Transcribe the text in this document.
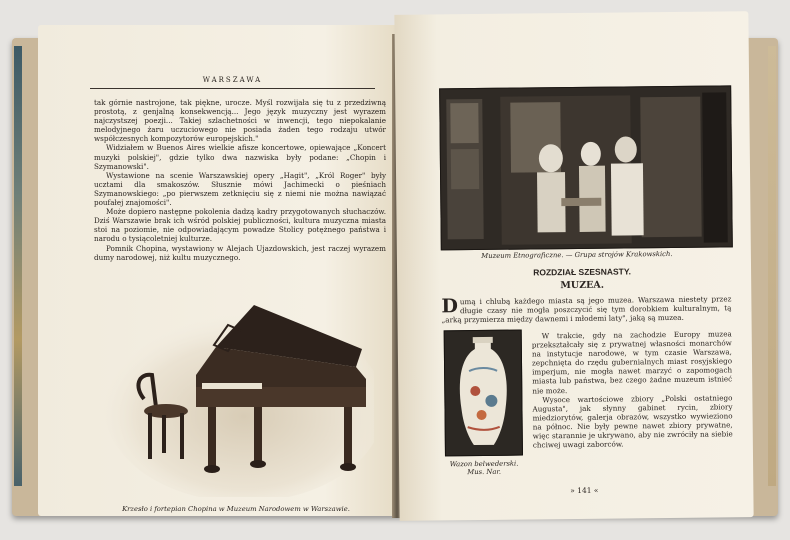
WARSZAWA

tak górnie nastrojone, tak piękne, urocze. Myśl rozwijała się tu z przedziwną prostotą, z genjalną konsekwencją... Jego język muzyczny jest wyrazem najczystszej poezji... Takiej szlachetności w inwencji, tego niepokalanie melodyjnego żaru uczuciowego nie posiada żaden tego rodzaju utwór współczesnych kompozytorów europejskich."

Widziałem w Buenos Aires wielkie afisze koncertowe, opiewające „Koncert muzyki polskiej", gdzie tylko dwa nazwiska były podane: „Chopin i Szymanowski".

Wystawione na scenie Warszawskiej opery „Hagit", „Król Roger" były ucztami dla smakoszów. Słusznie mówi Jachimecki o pieśniach Szymanowskiego: „po pierwszem zetknięciu się z niemi nie można nawiązać poufałej znajomości".

Może dopiero następne pokolenia dadzą kadry przygotowanych słuchaczów. Dziś Warszawie brak ich wśród polskiej publiczności, kultura muzyczna miasta stoi na poziomie, nie odpowiadającym powadze Stolicy potężnego państwa i narodu o tysiącoletniej kulturze.

Pomnik Chopina, wystawiony w Alejach Ujazdowskich, jest raczej wyrazem dumy narodowej, niż kultu muzycznego.

Krzesło i fortepian Chopina w Muzeum Narodowem w Warszawie.
Muzeum Etnograficzne. — Grupa strojów Krakowskich.
ROZDZIAŁ SZESNASTY.
MUZEA.
D umą i chlubą każdego miasta są jego muzea. Warszawa niestety przez długie czasy nie mogła poszczycić się tym dorobkiem kulturalnym, tą „arką przymierza między dawnemi i młodemi laty", jaką są muzea.
Wazon belwederski.
Mus. Nar.

W trakcie, gdy na zachodzie Europy muzea przekształcały się z prywatnej własności monarchów na instytucje narodowe, w tym czasie Warszawa, zepchnięta do rzędu gubernialnych miast rosyjskiego imperjum, nie mogła nawet marzyć o zapomogach miasta lub państwa, bez czego żadne muzeum istnieć nie może.

Wysoce wartościowe zbiory „Polski ostatniego Augusta", jak słynny gabinet rycin, zbiory miedziorytów, galerja obrazów, wszystko wywieziono na północ. Nie były pewne nawet zbiory prywatne, więc starannie je ukrywano, aby nie zwróciły na siebie chciwej uwagi zaborców.

» 141 «
